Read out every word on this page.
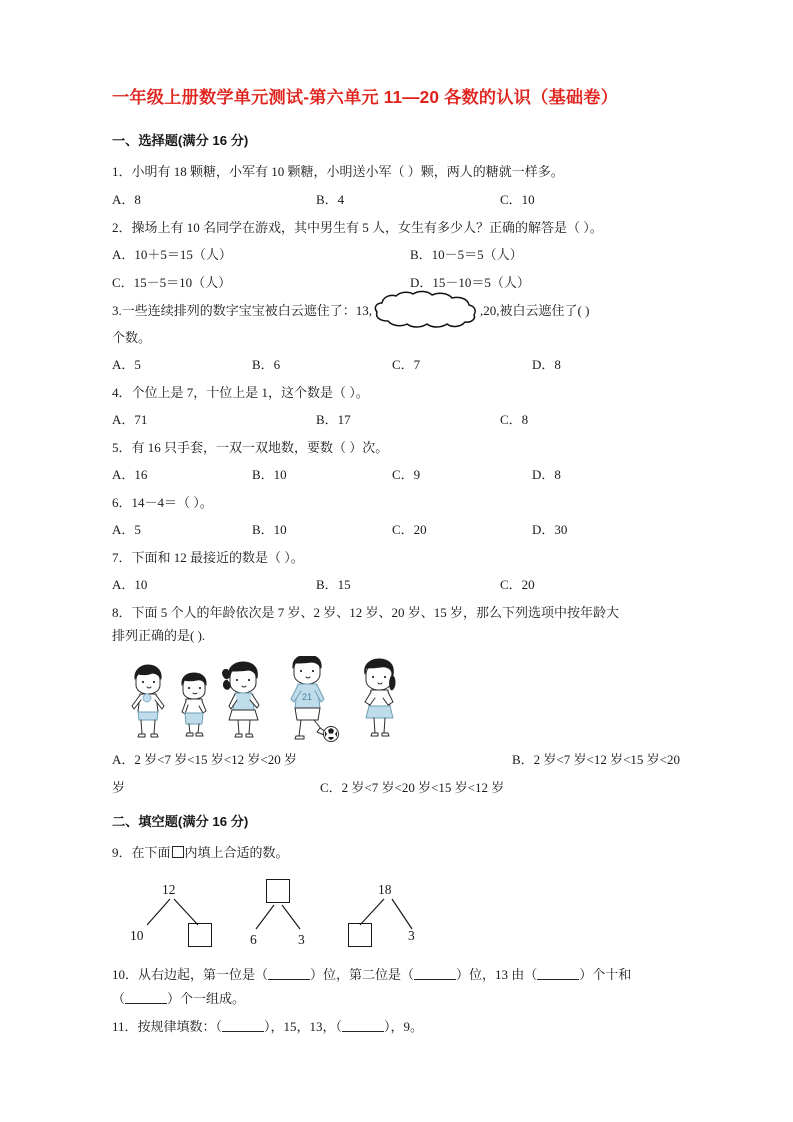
一年级上册数学单元测试-第六单元 11—20 各数的认识（基础卷）
一、选择题(满分 16 分)
1．小明有 18 颗糖，小军有 10 颗糖，小明送小军（ ）颗，两人的糖就一样多。
A．8	B．4	C．10
2．操场上有 10 名同学在游戏，其中男生有 5 人，女生有多少人？正确的解答是（ ）。
A．10＋5＝15（人）	B．10－5＝5（人）
C．15－5＝10（人）	D．15－10＝5（人）
3.一些连续排列的数字宝宝被白云遮住了：13,	,20,被白云遮住了( )
个数。
A．5	B．6	C．7	D．8
4．个位上是 7，十位上是 1，这个数是（ ）。
A．71	B．17	C．8
5．有 16 只手套，一双一双地数，要数（ ）次。
A．16	B．10	C．9	D．8
6．14－4＝（ ）。
A．5	B．10	C．20	D．30
7．下面和 12 最接近的数是（ ）。
A．10	B．15	C．20
8．下面 5 个人的年龄依次是 7 岁、2 岁、12 岁、20 岁、15 岁，那么下列选项中按年龄大
排列正确的是( ).
21
A．2 岁<7 岁<15 岁<12 岁<20 岁	B．2 岁<7 岁<12 岁<15 岁<20
岁	C．2 岁<7 岁<20 岁<15 岁<12 岁
二、填空题(满分 16 分)
9．在下面 内填上合适的数。
12
10	6	3
18
3
10．从右边起，第一位是（	）位，第二位是（	）位，13 由（	）个十和
（	）个一组成。
11．按规律填数：（	），15，13，（	），9。
